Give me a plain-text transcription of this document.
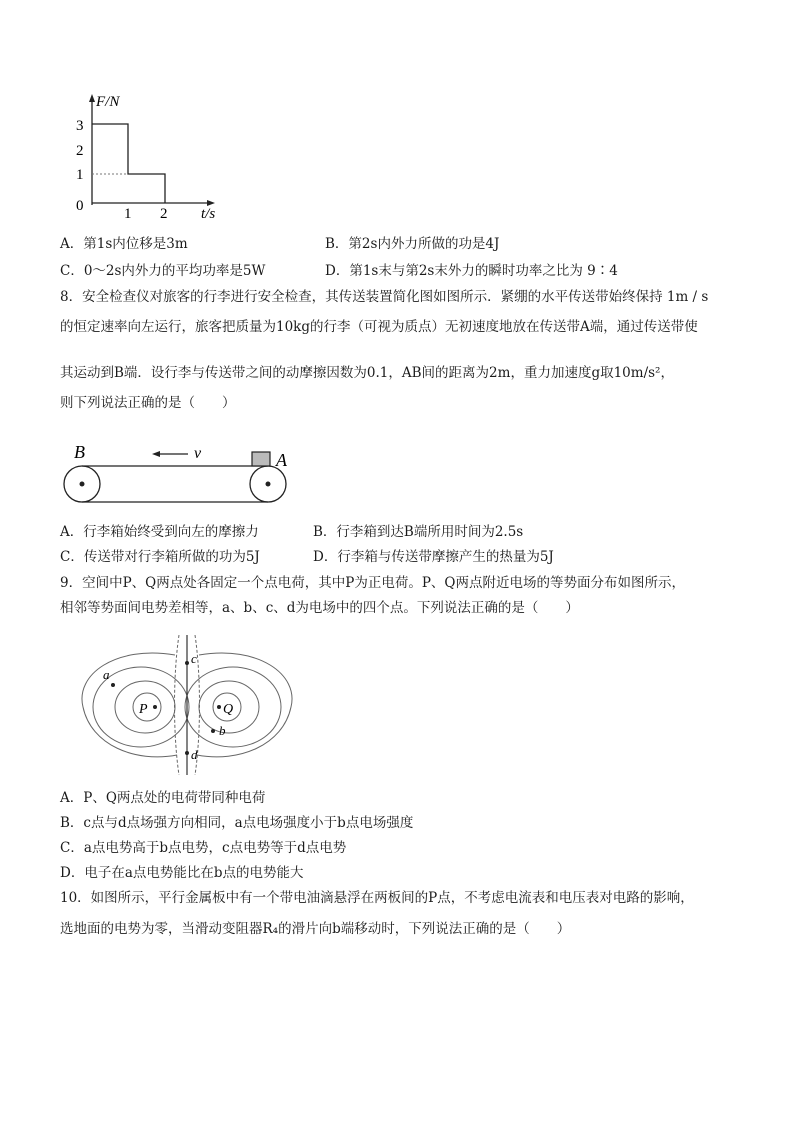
F/N
3
2
1
0	1 2 t/s
A．第1s内位移是3m	B．第2s内外力所做的功是4J
C．0～2s内外力的平均功率是5W	D．第1s末与第2s末外力的瞬时功率之比为 9∶4
8．安全检查仪对旅客的行李进行安全检查，其传送装置简化图如图所示．紧绷的水平传送带始终保持 1m / s
的恒定速率向左运行，旅客把质量为10kg的行李（可视为质点）无初速度地放在传送带A端，通过传送带使
其运动到B端．设行李与传送带之间的动摩擦因数为0.1，AB间的距离为2m，重力加速度g取10m/s²，
则下列说法正确的是（　　）
v
B	A
A．行李箱始终受到向左的摩擦力	B．行李箱到达B端所用时间为2.5s
C．传送带对行李箱所做的功为5J	D．行李箱与传送带摩擦产生的热量为5J
9．空间中P、Q两点处各固定一个点电荷，其中P为正电荷。P、Q两点附近电场的等势面分布如图所示，
相邻等势面间电势差相等，a、b、c、d为电场中的四个点。下列说法正确的是（　　）
P	Q
a
b
c
d
A．P、Q两点处的电荷带同种电荷
B．c点与d点场强方向相同，a点电场强度小于b点电场强度
C．a点电势高于b点电势，c点电势等于d点电势
D．电子在a点电势能比在b点的电势能大
10．如图所示，平行金属板中有一个带电油滴悬浮在两板间的P点，不考虑电流表和电压表对电路的影响，
选地面的电势为零，当滑动变阻器R₄的滑片向b端移动时，下列说法正确的是（　　）
